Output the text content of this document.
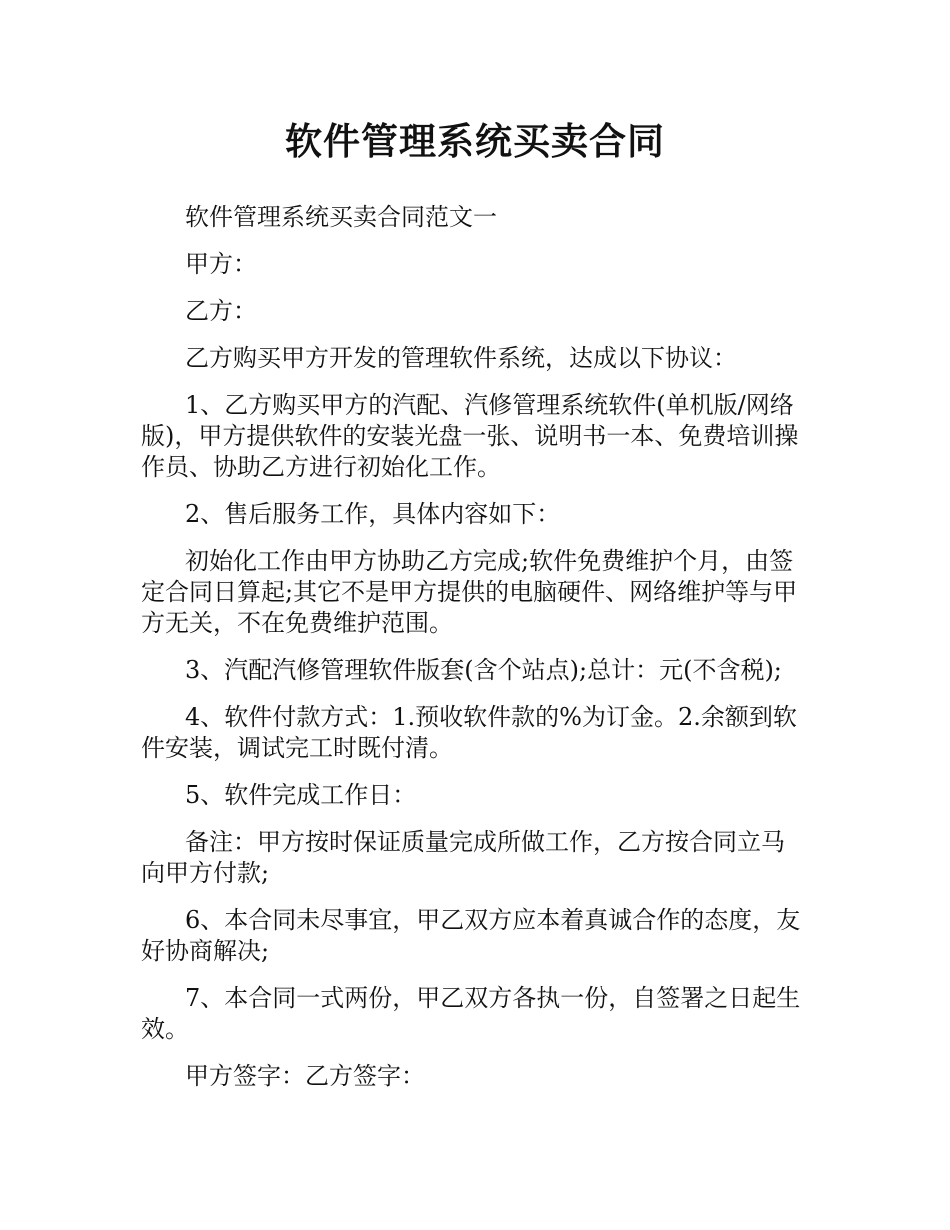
软件管理系统买卖合同

软件管理系统买卖合同范文一

甲方：

乙方：

乙方购买甲方开发的管理软件系统，达成以下协议：

1、乙方购买甲方的汽配、汽修管理系统软件(单机版/网络版)，甲方提供软件的安装光盘一张、说明书一本、免费培训操作员、协助乙方进行初始化工作。

2、售后服务工作，具体内容如下：

初始化工作由甲方协助乙方完成;软件免费维护个月，由签定合同日算起;其它不是甲方提供的电脑硬件、网络维护等与甲方无关，不在免费维护范围。

3、汽配汽修管理软件版套(含个站点);总计：元(不含税);

4、软件付款方式：1.预收软件款的%为订金。2.余额到软件安装，调试完工时既付清。

5、软件完成工作日：

备注：甲方按时保证质量完成所做工作，乙方按合同立马向甲方付款;

6、本合同未尽事宜，甲乙双方应本着真诚合作的态度，友好协商解决;

7、本合同一式两份，甲乙双方各执一份，自签署之日起生效。

甲方签字：乙方签字：
